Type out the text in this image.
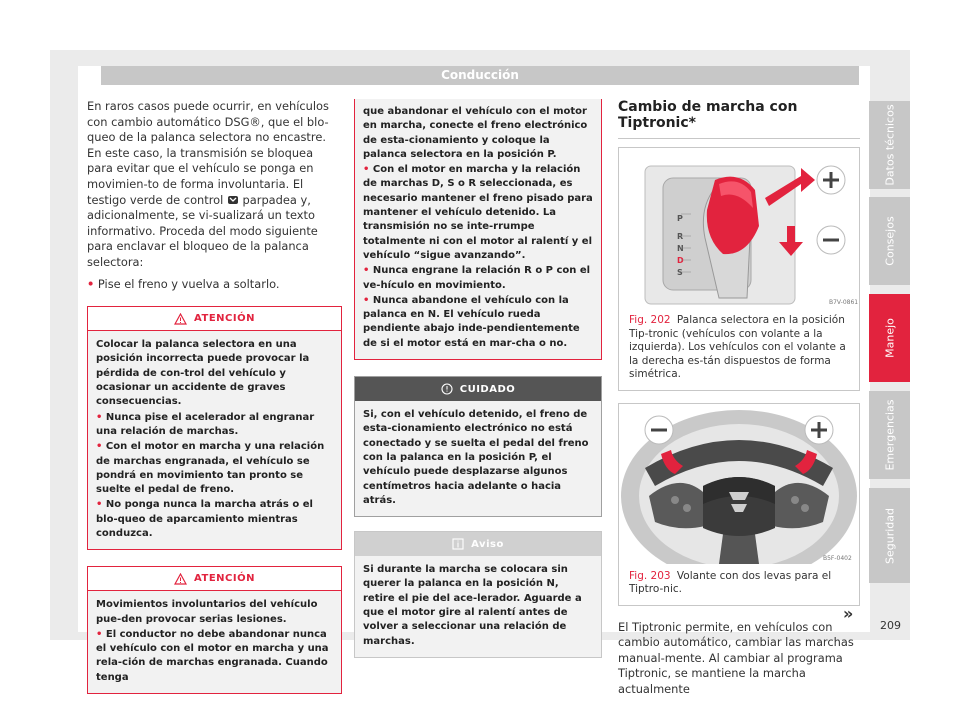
Conducción

En raros casos puede ocurrir, en vehículos con cambio automático DSG®, que el blo-queo de la palanca selectora no encastre. En este caso, la transmisión se bloquea para evitar que el vehículo se ponga en movimien-to de forma involuntaria. El testigo verde de control parpadea y, adicionalmente, se vi-sualizará un texto informativo. Proceda del modo siguiente para enclavar el bloqueo de la palanca selectora:

• Pise el freno y vuelva a soltarlo.
ATENCIÓN
Colocar la palanca selectora en una posición incorrecta puede provocar la pérdida de con-trol del vehículo y ocasionar un accidente de graves consecuencias.
• Nunca pise el acelerador al engranar una relación de marchas.
• Con el motor en marcha y una relación de marchas engranada, el vehículo se pondrá en movimiento tan pronto se suelte el pedal de freno.
• No ponga nunca la marcha atrás o el blo-queo de aparcamiento mientras conduzca.
ATENCIÓN
Movimientos involuntarios del vehículo pue-den provocar serias lesiones.
• El conductor no debe abandonar nunca el vehículo con el motor en marcha y una rela-ción de marchas engranada. Cuando tenga
que abandonar el vehículo con el motor en marcha, conecte el freno electrónico de esta-cionamiento y coloque la palanca selectora en la posición P.
• Con el motor en marcha y la relación de marchas D, S o R seleccionada, es necesario mantener el freno pisado para mantener el vehículo detenido. La transmisión no se inte-rrumpe totalmente ni con el motor al ralentí y el vehículo “sigue avanzando”.
• Nunca engrane la relación R o P con el ve-hículo en movimiento.
• Nunca abandone el vehículo con la palanca en N. El vehículo rueda pendiente abajo inde-pendientemente de si el motor está en mar-cha o no.
CUIDADO
Si, con el vehículo detenido, el freno de esta-cionamiento electrónico no está conectado y se suelta el pedal del freno con la palanca en la posición P, el vehículo puede desplazarse algunos centímetros hacia adelante o hacia atrás.
Aviso
Si durante la marcha se colocara sin querer la palanca en la posición N, retire el pie del ace-lerador. Aguarde a que el motor gire al ralentí antes de volver a seleccionar una relación de marchas.
Cambio de marcha con Tiptronic*
P
R
N
D
S
B7V-0861
Fig. 202 Palanca selectora en la posición Tip-tronic (vehículos con volante a la izquierda). Los vehículos con el volante a la derecha es-tán dispuestos de forma simétrica.
B5F-0402
Fig. 203 Volante con dos levas para el Tiptro-nic.

El Tiptronic permite, en vehículos con cambio automático, cambiar las marchas manual-mente. Al cambiar al programa Tiptronic, se mantiene la marcha actualmente

»
Datos técnicos
Consejos
Manejo
Emergencias
Seguridad
209
